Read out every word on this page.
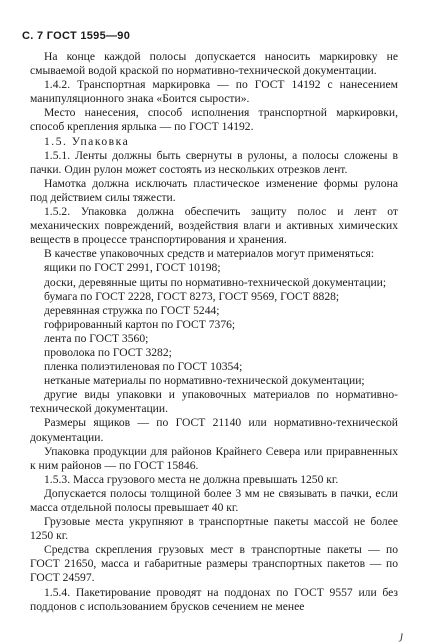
С. 7 ГОСТ 1595—90

На конце каждой полосы допускается наносить маркировку не смываемой водой краской по нормативно-технической документации.

1.4.2. Транспортная маркировка — по ГОСТ 14192 с нанесением манипуляционного знака «Боится сырости».

Место нанесения, способ исполнения транспортной маркировки, способ крепления ярлыка — по ГОСТ 14192.

1.5. Упаковка

1.5.1. Ленты должны быть свернуты в рулоны, а полосы сложены в пачки. Один рулон может состоять из нескольких отрезков лент.

Намотка должна исключать пластическое изменение формы рулона под действием силы тяжести.

1.5.2. Упаковка должна обеспечить защиту полос и лент от механических повреждений, воздействия влаги и активных химических веществ в процессе транспортирования и хранения.

В качестве упаковочных средств и материалов могут применяться:

ящики по ГОСТ 2991, ГОСТ 10198;

доски, деревянные щиты по нормативно-технической документации;

бумага по ГОСТ 2228, ГОСТ 8273, ГОСТ 9569, ГОСТ 8828;

деревянная стружка по ГОСТ 5244;

гофрированный картон по ГОСТ 7376;

лента по ГОСТ 3560;

проволока по ГОСТ 3282;

пленка полиэтиленовая по ГОСТ 10354;

нетканые материалы по нормативно-технической документации;

другие виды упаковки и упаковочных материалов по нормативно-технической документации.

Размеры ящиков — по ГОСТ 21140 или нормативно-технической документации.

Упаковка продукции для районов Крайнего Севера или приравненных к ним районов — по ГОСТ 15846.

1.5.3. Масса грузового места не должна превышать 1250 кг.

Допускается полосы толщиной более 3 мм не связывать в пачки, если масса отдельной полосы превышает 40 кг.

Грузовые места укрупняют в транспортные пакеты массой не более 1250 кг.

Средства скрепления грузовых мест в транспортные пакеты — по ГОСТ 21650, масса и габаритные размеры транспортных пакетов — по ГОСТ 24597.

1.5.4. Пакетирование проводят на поддонах по ГОСТ 9557 или без поддонов с использованием брусков сечением не менее

ȷ
